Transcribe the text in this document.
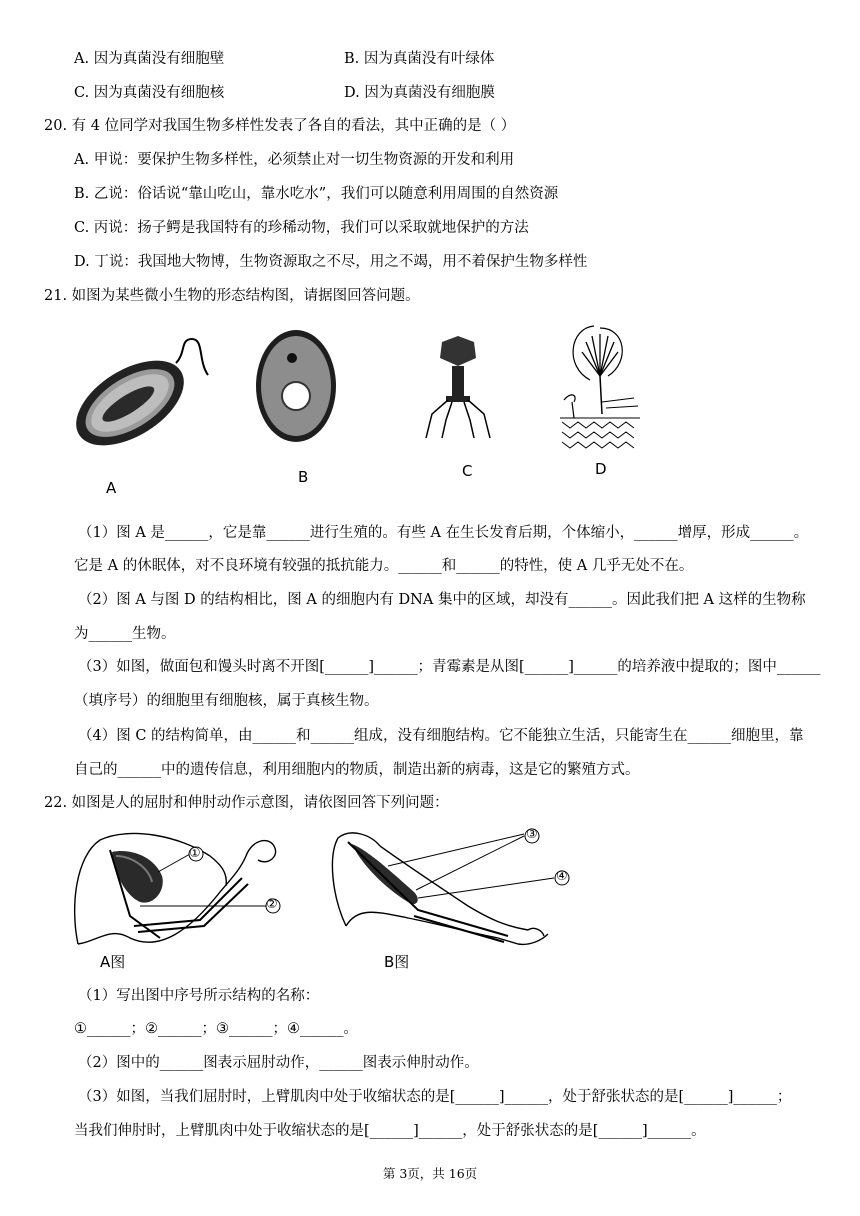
A. 因为真菌没有细胞壁	B. 因为真菌没有叶绿体
C. 因为真菌没有细胞核	D. 因为真菌没有细胞膜
20. 有 4 位同学对我国生物多样性发表了各自的看法，其中正确的是（ ）
A. 甲说：要保护生物多样性，必须禁止对一切生物资源的开发和利用
B. 乙说：俗话说“靠山吃山，靠水吃水”，我们可以随意利用周围的自然资源
C. 丙说：扬子鳄是我国特有的珍稀动物，我们可以采取就地保护的方法
D. 丁说：我国地大物博，生物资源取之不尽，用之不竭，用不着保护生物多样性
21. 如图为某些微小生物的形态结构图，请据图回答问题。
A
B	C	D
（1）图 A 是______，它是靠______进行生殖的。有些 A 在生长发育后期，个体缩小，______增厚，形成______。
它是 A 的休眠体，对不良环境有较强的抵抗能力。______和______的特性，使 A 几乎无处不在。
（2）图 A 与图 D 的结构相比，图 A 的细胞内有 DNA 集中的区域，却没有______。因此我们把 A 这样的生物称
为______生物。
（3）如图，做面包和馒头时离不开图[______]______；青霉素是从图[______]______的培养液中提取的；图中______
（填序号）的细胞里有细胞核，属于真核生物。
（4）图 C 的结构简单，由______和______组成，没有细胞结构。它不能独立生活，只能寄生在______细胞里，靠
自己的______中的遗传信息，利用细胞内的物质，制造出新的病毒，这是它的繁殖方式。
22. 如图是人的屈肘和伸肘动作示意图，请依图回答下列问题：
①
②
A图
③
④
B图
（1）写出图中序号所示结构的名称：
①______；②______；③______；④______。
（2）图中的______图表示屈肘动作，______图表示伸肘动作。
（3）如图，当我们屈肘时，上臂肌肉中处于收缩状态的是[______]______，处于舒张状态的是[______]______；
当我们伸肘时，上臂肌肉中处于收缩状态的是[______]______，处于舒张状态的是[______]______。
第 3页，共 16页
